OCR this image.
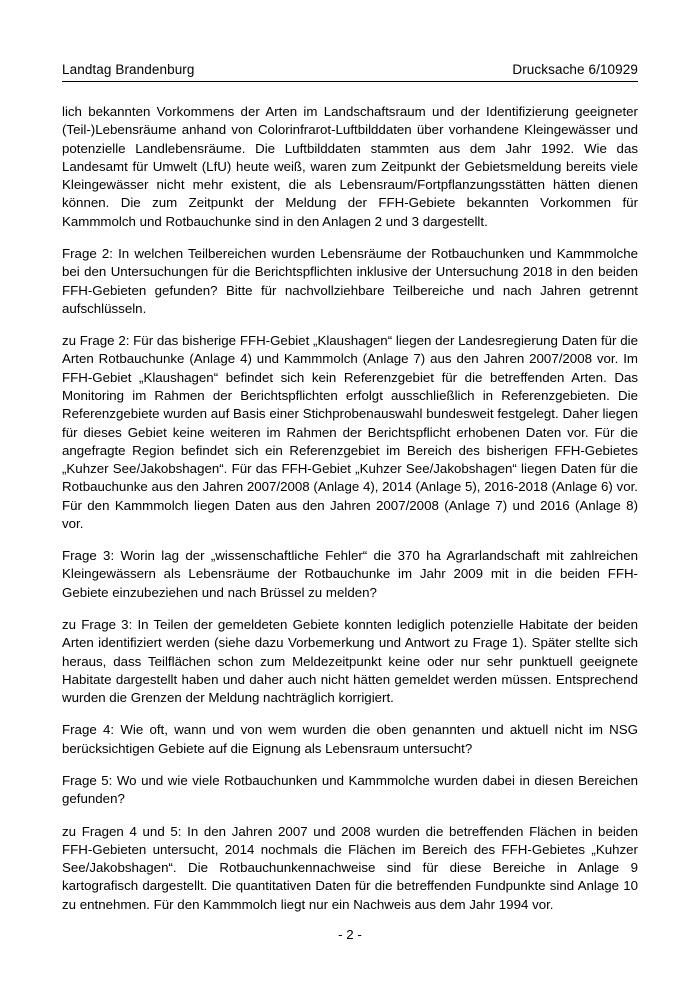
Landtag Brandenburg	Drucksache 6/10929

lich bekannten Vorkommens der Arten im Landschaftsraum und der Identifizierung geeigneter (Teil-)Lebensräume anhand von Colorinfrarot-Luftbilddaten über vorhandene Kleingewässer und potenzielle Landlebensräume. Die Luftbilddaten stammten aus dem Jahr 1992. Wie das Landesamt für Umwelt (LfU) heute weiß, waren zum Zeitpunkt der Gebietsmeldung bereits viele Kleingewässer nicht mehr existent, die als Lebensraum/Fortpflanzungsstätten hätten dienen können. Die zum Zeitpunkt der Meldung der FFH-Gebiete bekannten Vorkommen für Kammmolch und Rotbauchunke sind in den Anlagen 2 und 3 dargestellt.

Frage 2: In welchen Teilbereichen wurden Lebensräume der Rotbauchunken und Kammmolche bei den Untersuchungen für die Berichtspflichten inklusive der Untersuchung 2018 in den beiden FFH-Gebieten gefunden? Bitte für nachvollziehbare Teilbereiche und nach Jahren getrennt aufschlüsseln.

zu Frage 2: Für das bisherige FFH-Gebiet „Klaushagen“ liegen der Landesregierung Daten für die Arten Rotbauchunke (Anlage 4) und Kammmolch (Anlage 7) aus den Jahren 2007/2008 vor. Im FFH-Gebiet „Klaushagen“ befindet sich kein Referenzgebiet für die betreffenden Arten. Das Monitoring im Rahmen der Berichtspflichten erfolgt ausschließlich in Referenzgebieten. Die Referenzgebiete wurden auf Basis einer Stichprobenauswahl bundesweit festgelegt. Daher liegen für dieses Gebiet keine weiteren im Rahmen der Berichtspflicht erhobenen Daten vor. Für die angefragte Region befindet sich ein Referenzgebiet im Bereich des bisherigen FFH-Gebietes „Kuhzer See/Jakobshagen“. Für das FFH-Gebiet „Kuhzer See/Jakobshagen“ liegen Daten für die Rotbauchunke aus den Jahren 2007/2008 (Anlage 4), 2014 (Anlage 5), 2016-2018 (Anlage 6) vor. Für den Kammmolch liegen Daten aus den Jahren 2007/2008 (Anlage 7) und 2016 (Anlage 8) vor.

Frage 3: Worin lag der „wissenschaftliche Fehler“ die 370 ha Agrarlandschaft mit zahlreichen Kleingewässern als Lebensräume der Rotbauchunke im Jahr 2009 mit in die beiden FFH- Gebiete einzubeziehen und nach Brüssel zu melden?

zu Frage 3: In Teilen der gemeldeten Gebiete konnten lediglich potenzielle Habitate der beiden Arten identifiziert werden (siehe dazu Vorbemerkung und Antwort zu Frage 1). Später stellte sich heraus, dass Teilflächen schon zum Meldezeitpunkt keine oder nur sehr punktuell geeignete Habitate dargestellt haben und daher auch nicht hätten gemeldet werden müssen. Entsprechend wurden die Grenzen der Meldung nachträglich korrigiert.

Frage 4: Wie oft, wann und von wem wurden die oben genannten und aktuell nicht im NSG berücksichtigen Gebiete auf die Eignung als Lebensraum untersucht?

Frage 5: Wo und wie viele Rotbauchunken und Kammmolche wurden dabei in diesen Bereichen gefunden?

zu Fragen 4 und 5: In den Jahren 2007 und 2008 wurden die betreffenden Flächen in beiden FFH-Gebieten untersucht, 2014 nochmals die Flächen im Bereich des FFH-Gebietes „Kuhzer See/Jakobshagen“. Die Rotbauchunkennachweise sind für diese Bereiche in Anlage 9 kartografisch dargestellt. Die quantitativen Daten für die betreffenden Fundpunkte sind Anlage 10 zu entnehmen. Für den Kammmolch liegt nur ein Nachweis aus dem Jahr 1994 vor.

- 2 -
